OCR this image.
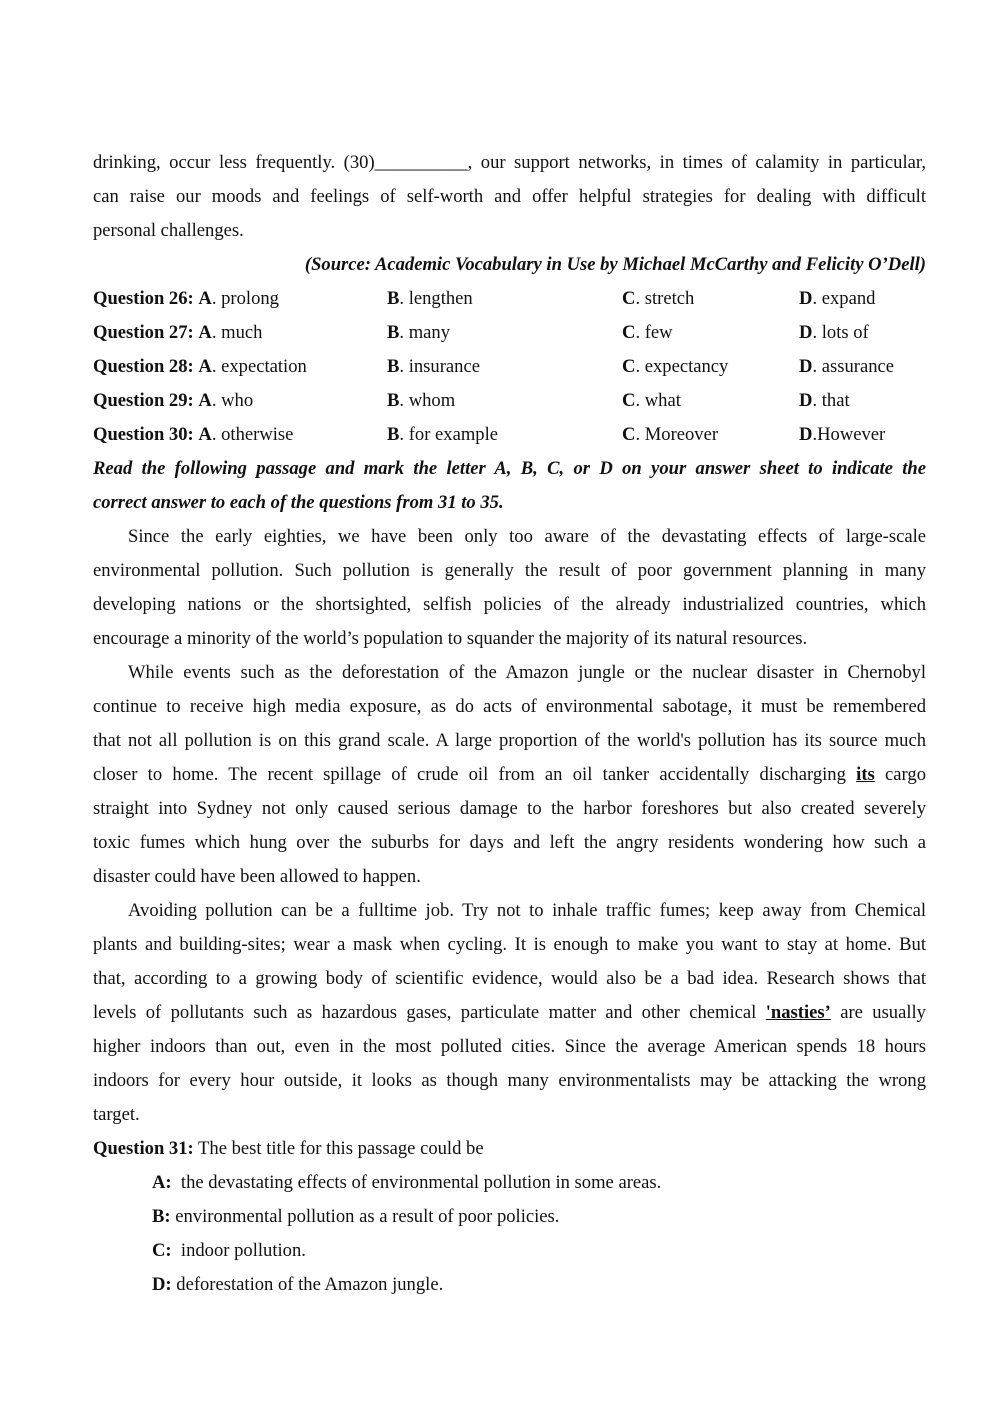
drinking, occur less frequently. (30)__________, our support networks, in times of calamity in particular,
can raise our moods and feelings of self-worth and offer helpful strategies for dealing with difficult
personal challenges.
(Source: Academic Vocabulary in Use by Michael McCarthy and Felicity O’Dell)
Question 26: A. prolong	B. lengthen	C. stretch	D. expand
Question 27: A. much	B. many	C. few	D. lots of
Question 28: A. expectation	B. insurance	C. expectancy	D. assurance
Question 29: A. who	B. whom	C. what	D. that
Question 30: A. otherwise	B. for example	C. Moreover	D.However
Read the following passage and mark the letter A, B, C, or D on your answer sheet to indicate the
correct answer to each of the questions from 31 to 35.
Since the early eighties, we have been only too aware of the devastating effects of large-scale
environmental pollution. Such pollution is generally the result of poor government planning in many
developing nations or the shortsighted, selfish policies of the already industrialized countries, which
encourage a minority of the world’s population to squander the majority of its natural resources.
While events such as the deforestation of the Amazon jungle or the nuclear disaster in Chernobyl
continue to receive high media exposure, as do acts of environmental sabotage, it must be remembered
that not all pollution is on this grand scale. A large proportion of the world's pollution has its source much
closer to home. The recent spillage of crude oil from an oil tanker accidentally discharging its cargo
straight into Sydney not only caused serious damage to the harbor foreshores but also created severely
toxic fumes which hung over the suburbs for days and left the angry residents wondering how such a
disaster could have been allowed to happen.
Avoiding pollution can be a fulltime job. Try not to inhale traffic fumes; keep away from Chemical
plants and building-sites; wear a mask when cycling. It is enough to make you want to stay at home. But
that, according to a growing body of scientific evidence, would also be a bad idea. Research shows that
levels of pollutants such as hazardous gases, particulate matter and other chemical 'nasties’ are usually
higher indoors than out, even in the most polluted cities. Since the average American spends 18 hours
indoors for every hour outside, it looks as though many environmentalists may be attacking the wrong
target.
Question 31: The best title for this passage could be
A:  the devastating effects of environmental pollution in some areas.
B: environmental pollution as a result of poor policies.
C:  indoor pollution.
D: deforestation of the Amazon jungle.
